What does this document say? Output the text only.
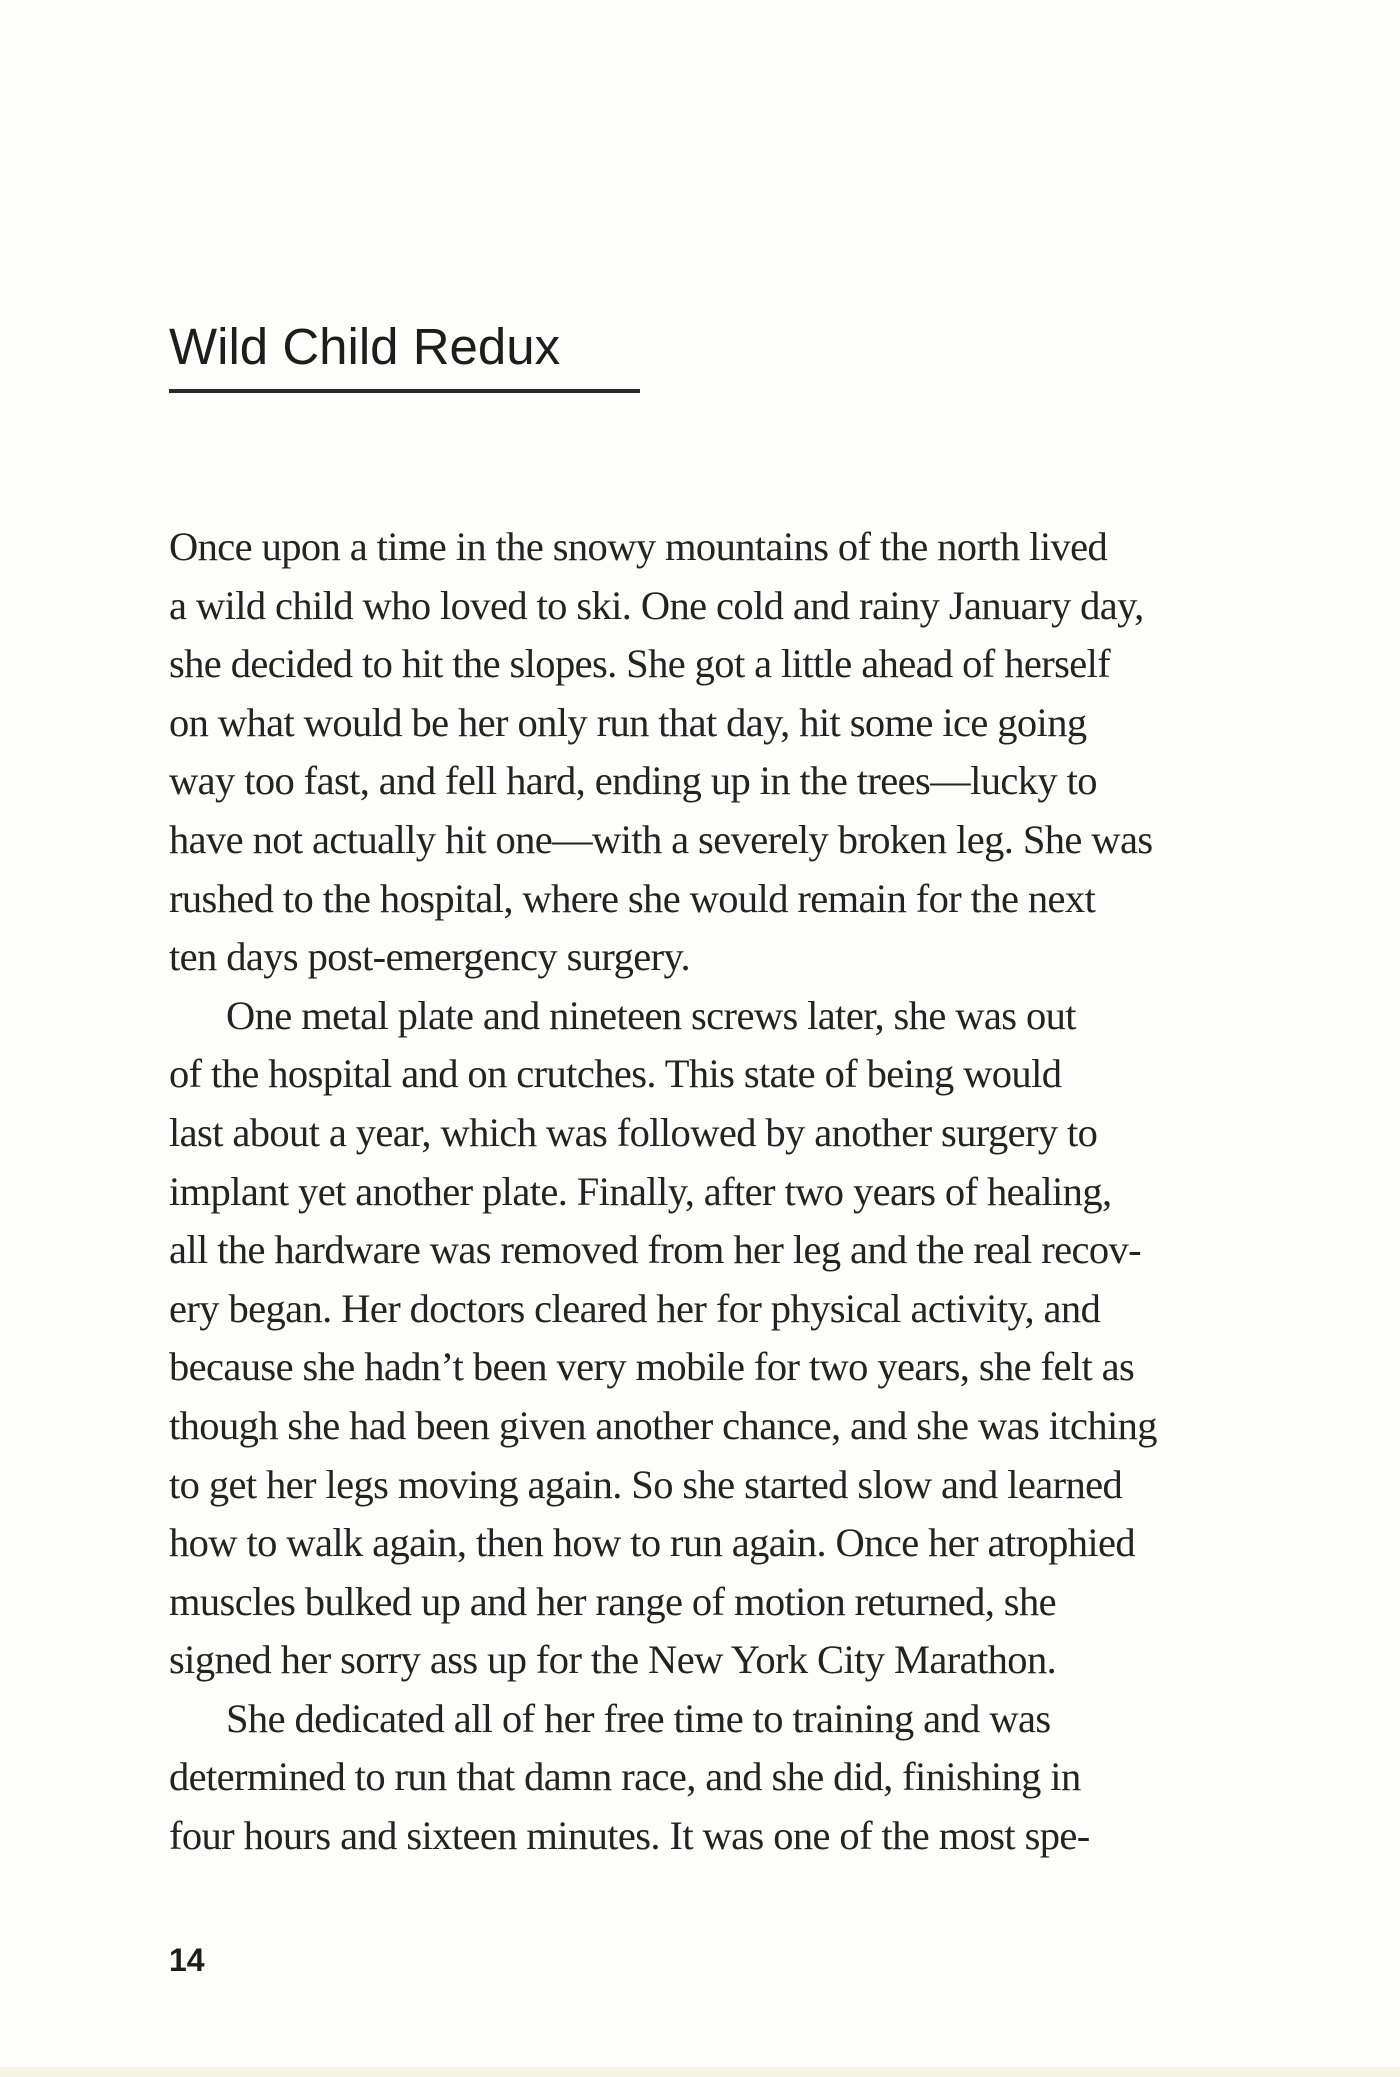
Wild Child Redux
Once upon a time in the snowy mountains of the north lived
a wild child who loved to ski. One cold and rainy January day,
she decided to hit the slopes. She got a little ahead of herself
on what would be her only run that day, hit some ice going
way too fast, and fell hard, ending up in the trees—lucky to
have not actually hit one—with a severely broken leg. She was
rushed to the hospital, where she would remain for the next
ten days post-emergency surgery.
One metal plate and nineteen screws later, she was out
of the hospital and on crutches. This state of being would
last about a year, which was followed by another surgery to
implant yet another plate. Finally, after two years of healing,
all the hardware was removed from her leg and the real recov-
ery began. Her doctors cleared her for physical activity, and
because she hadn’t been very mobile for two years, she felt as
though she had been given another chance, and she was itching
to get her legs moving again. So she started slow and learned
how to walk again, then how to run again. Once her atrophied
muscles bulked up and her range of motion returned, she
signed her sorry ass up for the New York City Marathon.
She dedicated all of her free time to training and was
determined to run that damn race, and she did, finishing in
four hours and sixteen minutes. It was one of the most spe-

14
